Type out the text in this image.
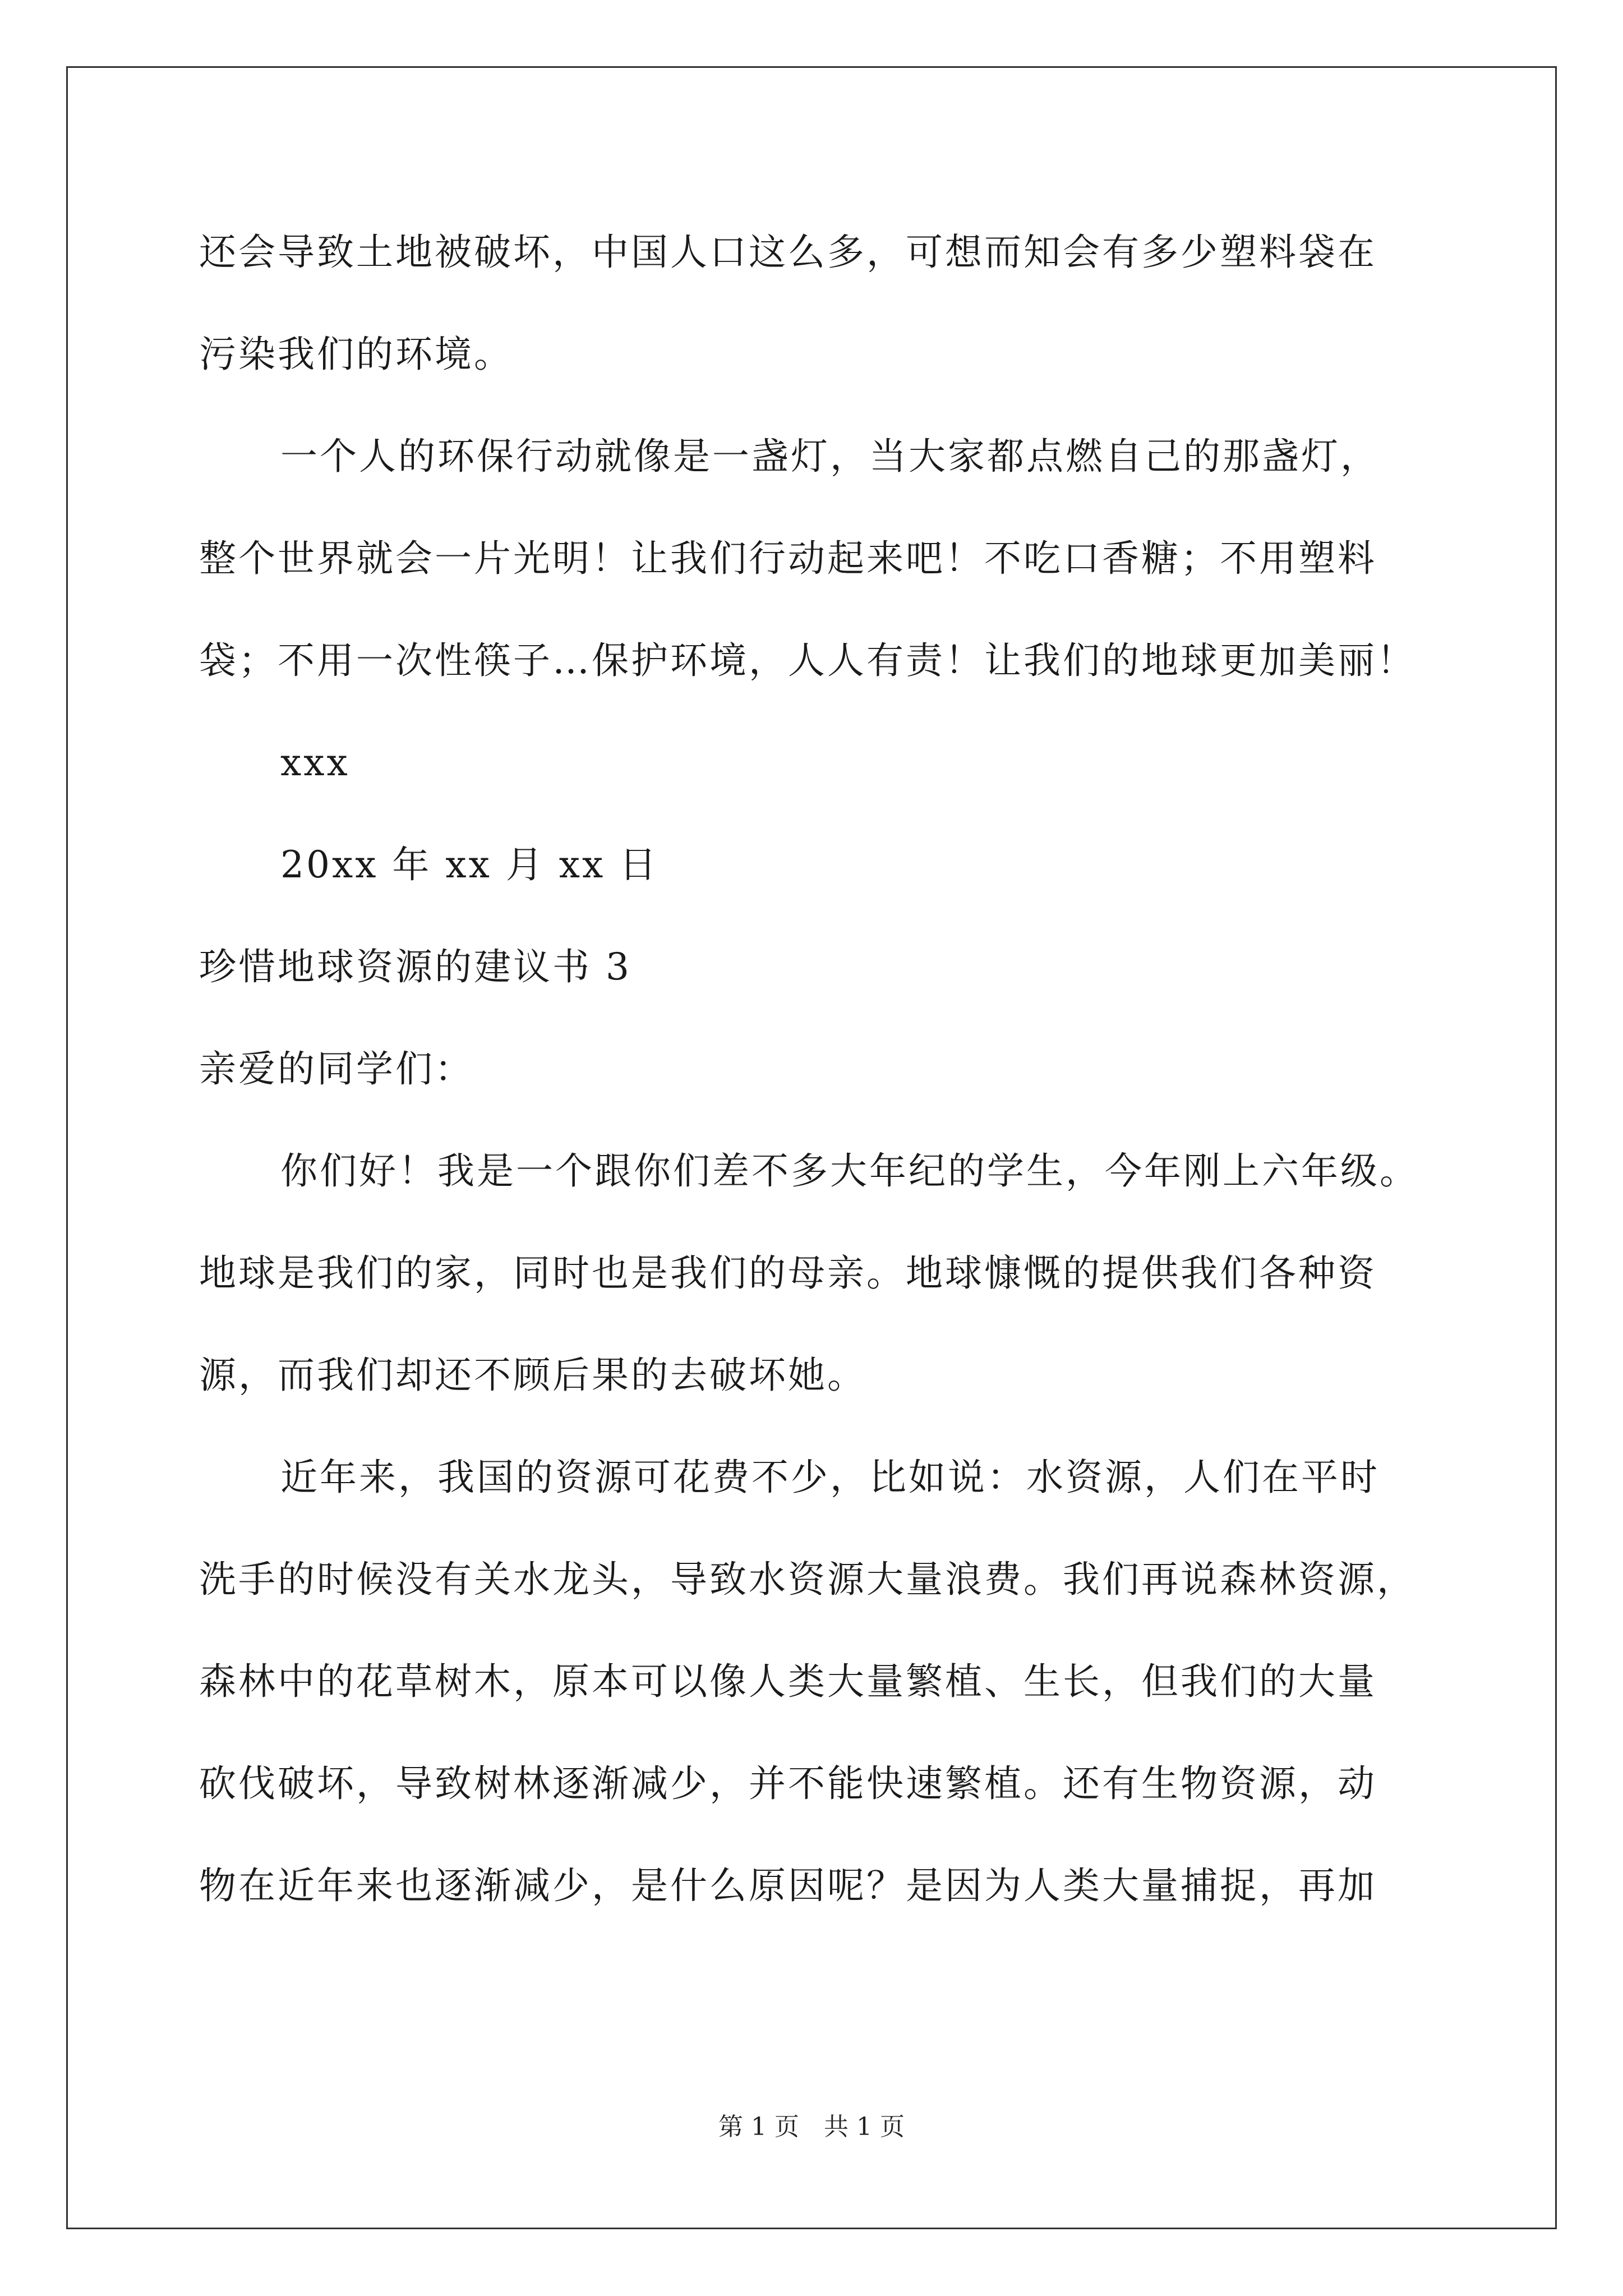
还会导致土地被破坏，中国人口这么多，可想而知会有多少塑料袋在
污染我们的环境。
一个人的环保行动就像是一盏灯，当大家都点燃自己的那盏灯，
整个世界就会一片光明！让我们行动起来吧！不吃口香糖；不用塑料
袋；不用一次性筷子…保护环境，人人有责！让我们的地球更加美丽！
xxx
20xx 年 xx 月 xx 日
珍惜地球资源的建议书 3
亲爱的同学们：
你们好！我是一个跟你们差不多大年纪的学生，今年刚上六年级。
地球是我们的家，同时也是我们的母亲。地球慷慨的提供我们各种资
源，而我们却还不顾后果的去破坏她。
近年来，我国的资源可花费不少，比如说：水资源，人们在平时
洗手的时候没有关水龙头，导致水资源大量浪费。我们再说森林资源，
森林中的花草树木，原本可以像人类大量繁植、生长，但我们的大量
砍伐破坏，导致树林逐渐减少，并不能快速繁植。还有生物资源，动
物在近年来也逐渐减少，是什么原因呢？是因为人类大量捕捉，再加
第 1 页　共 1 页
